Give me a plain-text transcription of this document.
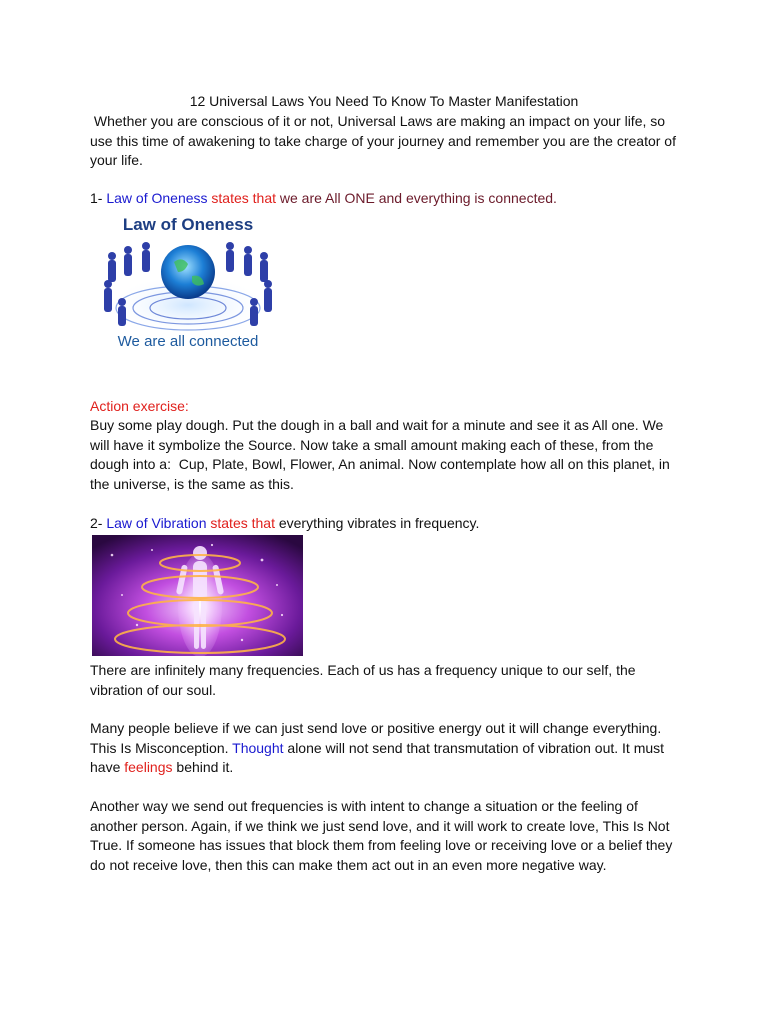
12 Universal Laws You Need To Know To Master Manifestation
Whether you are conscious of it or not, Universal Laws are making an impact on your life, so
use this time of awakening to take charge of your journey and remember you are the creator of
your life.
1- Law of Oneness states that we are All ONE and everything is connected.
Law of Oneness
We are all connected
Action exercise:
Buy some play dough. Put the dough in a ball and wait for a minute and see it as All one. We
will have it symbolize the Source. Now take a small amount making each of these, from the
dough into a:  Cup, Plate, Bowl, Flower, An animal. Now contemplate how all on this planet, in
the universe, is the same as this.
2- Law of Vibration states that everything vibrates in frequency.
There are infinitely many frequencies. Each of us has a frequency unique to our self, the
vibration of our soul.
Many people believe if we can just send love or positive energy out it will change everything.
This Is Misconception. Thought alone will not send that transmutation of vibration out. It must
have feelings behind it.
Another way we send out frequencies is with intent to change a situation or the feeling of
another person. Again, if we think we just send love, and it will work to create love, This Is Not
True. If someone has issues that block them from feeling love or receiving love or a belief they
do not receive love, then this can make them act out in an even more negative way.
